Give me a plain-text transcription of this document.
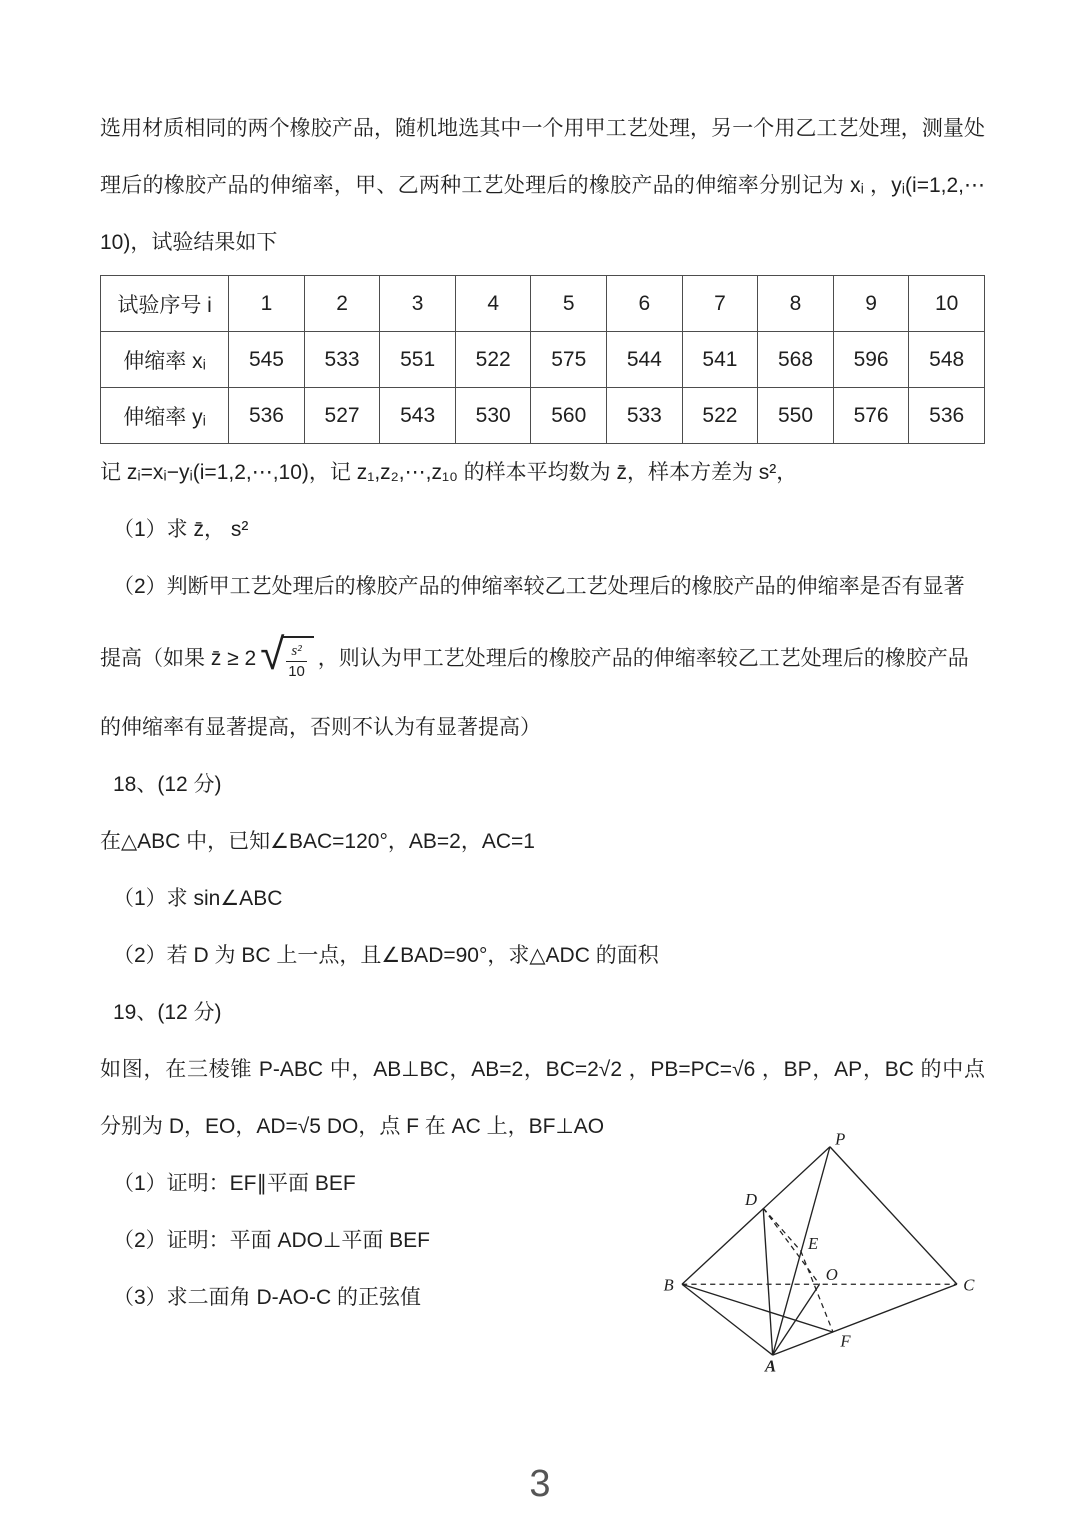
选用材质相同的两个橡胶产品，随机地选其中一个用甲工艺处理，另一个用乙工艺处理，测量处理后的橡胶产品的伸缩率，甲、乙两种工艺处理后的橡胶产品的伸缩率分别记为 xᵢ ，yᵢ(i=1,2,⋯10)，试验结果如下

试验序号 i	1	2	3	4	5	6	7	8	9	10
伸缩率 xᵢ	545	533	551	522	575	544	541	568	596	548
伸缩率 yᵢ	536	527	543	530	560	533	522	550	576	536
记 zᵢ=xᵢ−yᵢ(i=1,2,⋯,10)，记 z₁,z₂,⋯,z₁₀ 的样本平均数为 z̄，样本方差为 s²，
（1）求 z̄， s²
（2）判断甲工艺处理后的橡胶产品的伸缩率较乙工艺处理后的橡胶产品的伸缩率是否有显著
提高（如果 z̄ ≥ 2 √ $\frac{\text{s²}}{10}$ ，则认为甲工艺处理后的橡胶产品的伸缩率较乙工艺处理后的橡胶产品
的伸缩率有显著提高，否则不认为有显著提高）
18、(12 分)
在△ABC 中，已知∠BAC=120°，AB=2，AC=1
（1）求 sin∠ABC
（2）若 D 为 BC 上一点，且∠BAD=90°，求△ADC 的面积
19、(12 分)

如图，在三棱锥 P-ABC 中，AB⊥BC，AB=2，BC=2√2 ，PB=PC=√6 ，BP，AP，BC 的中点分别为 D，EO，AD=√5 DO，点 F 在 AC 上，BF⊥AO

（1）证明：EF∥平面 BEF
（2）证明：平面 ADO⊥平面 BEF
（3）求二面角 D-AO-C 的正弦值
P
D
E
B
O
C
F
A
3
